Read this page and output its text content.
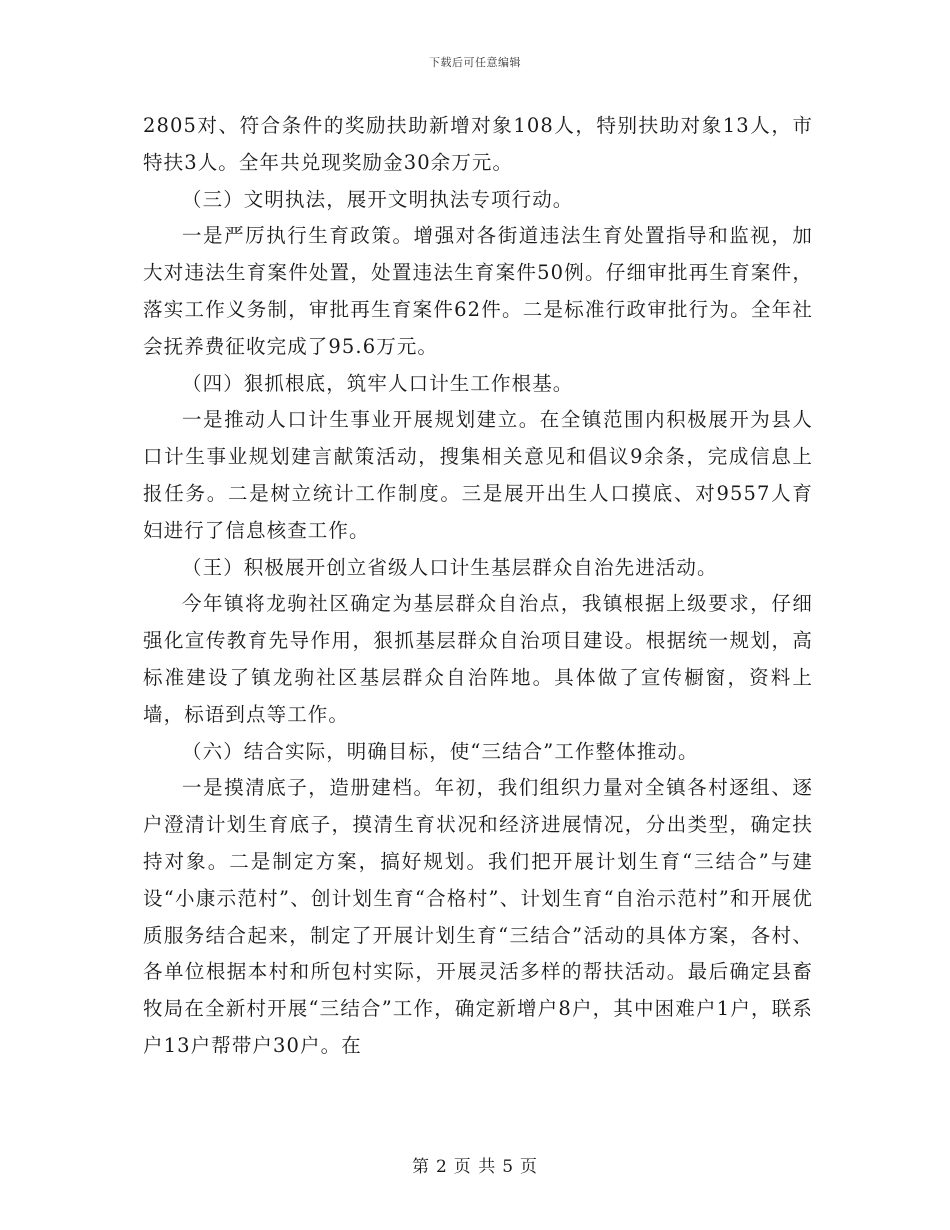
下载后可任意编辑

2805对、符合条件的奖励扶助新增对象108人，特别扶助对象13人，市特扶3人。全年共兑现奖励金30余万元。

（三）文明执法，展开文明执法专项行动。

一是严厉执行生育政策。增强对各街道违法生育处置指导和监视，加大对违法生育案件处置，处置违法生育案件50例。仔细审批再生育案件，落实工作义务制，审批再生育案件62件。二是标准行政审批行为。全年社会抚养费征收完成了95.6万元。

（四）狠抓根底，筑牢人口计生工作根基。

一是推动人口计生事业开展规划建立。在全镇范围内积极展开为县人口计生事业规划建言献策活动，搜集相关意见和倡议9余条，完成信息上报任务。二是树立统计工作制度。三是展开出生人口摸底、对9557人育妇进行了信息核查工作。

（王）积极展开创立省级人口计生基层群众自治先进活动。

今年镇将龙驹社区确定为基层群众自治点，我镇根据上级要求，仔细强化宣传教育先导作用，狠抓基层群众自治项目建设。根据统一规划，高标准建设了镇龙驹社区基层群众自治阵地。具体做了宣传橱窗，资料上墙，标语到点等工作。

（六）结合实际，明确目标，使“三结合”工作整体推动。

一是摸清底子，造册建档。年初，我们组织力量对全镇各村逐组、逐户澄清计划生育底子，摸清生育状况和经济进展情况，分出类型，确定扶持对象。二是制定方案，搞好规划。我们把开展计划生育“三结合”与建设“小康示范村”、创计划生育“合格村”、计划生育“自治示范村”和开展优质服务结合起来，制定了开展计划生育“三结合”活动的具体方案，各村、各单位根据本村和所包村实际，开展灵活多样的帮扶活动。最后确定县畜牧局在全新村开展“三结合”工作，确定新增户8户，其中困难户1户，联系户13户帮带户30户。在

第 2 页 共 5 页
